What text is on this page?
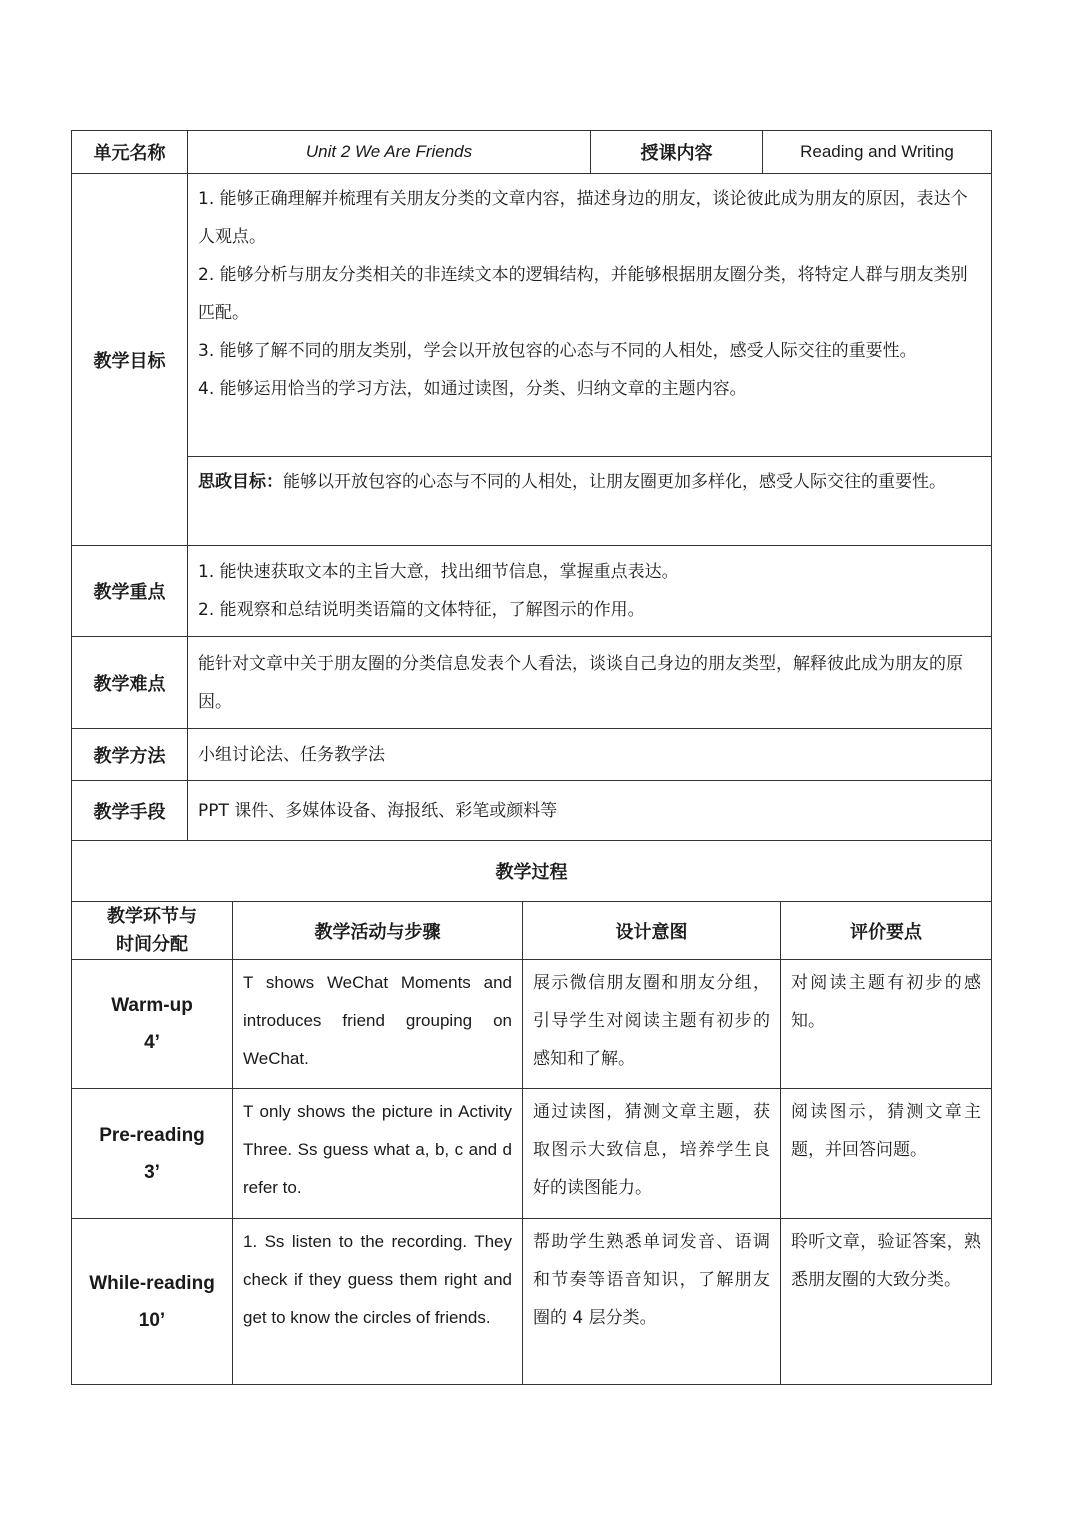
单元名称	Unit 2 We Are Friends	授课内容	Reading and Writing
教学目标	1. 能够正确理解并梳理有关朋友分类的文章内容，描述身边的朋友，谈论彼此成为朋友的原因，表达个人观点。

2. 能够分析与朋友分类相关的非连续文本的逻辑结构，并能够根据朋友圈分类，将特定人群与朋友类别匹配。

3. 能够了解不同的朋友类别，学会以开放包容的心态与不同的人相处，感受人际交往的重要性。

4. 能够运用恰当的学习方法，如通过读图，分类、归纳文章的主题内容。

思政目标：能够以开放包容的心态与不同的人相处，让朋友圈更加多样化，感受人际交往的重要性。		

教学重点	1. 能快速获取文本的主旨大意，找出细节信息，掌握重点表达。

2. 能观察和总结说明类语篇的文体特征，了解图示的作用。		

教学难点	能针对文章中关于朋友圈的分类信息发表个人看法，谈谈自己身边的朋友类型，解释彼此成为朋友的原因。		
教学方法	小组讨论法、任务教学法		
教学手段	PPT 课件、多媒体设备、海报纸、彩笔或颜料等		
教学过程			
教学环节与
时间分配	教学活动与步骤	设计意图	评价要点
Warm-up
4’	T shows WeChat Moments and introduces friend grouping on WeChat.	展示微信朋友圈和朋友分组，引导学生对阅读主题有初步的感知和了解。	对阅读主题有初步的感知。
Pre-reading
3’	T only shows the picture in Activity Three. Ss guess what a, b, c and d refer to.	通过读图，猜测文章主题，获取图示大致信息，培养学生良好的读图能力。	阅读图示，猜测文章主题，并回答问题。
While-reading
10’	1. Ss listen to the recording. They check if they guess them right and get to know the circles of friends.	帮助学生熟悉单词发音、语调和节奏等语音知识，了解朋友圈的 4 层分类。	聆听文章，验证答案，熟悉朋友圈的大致分类。
